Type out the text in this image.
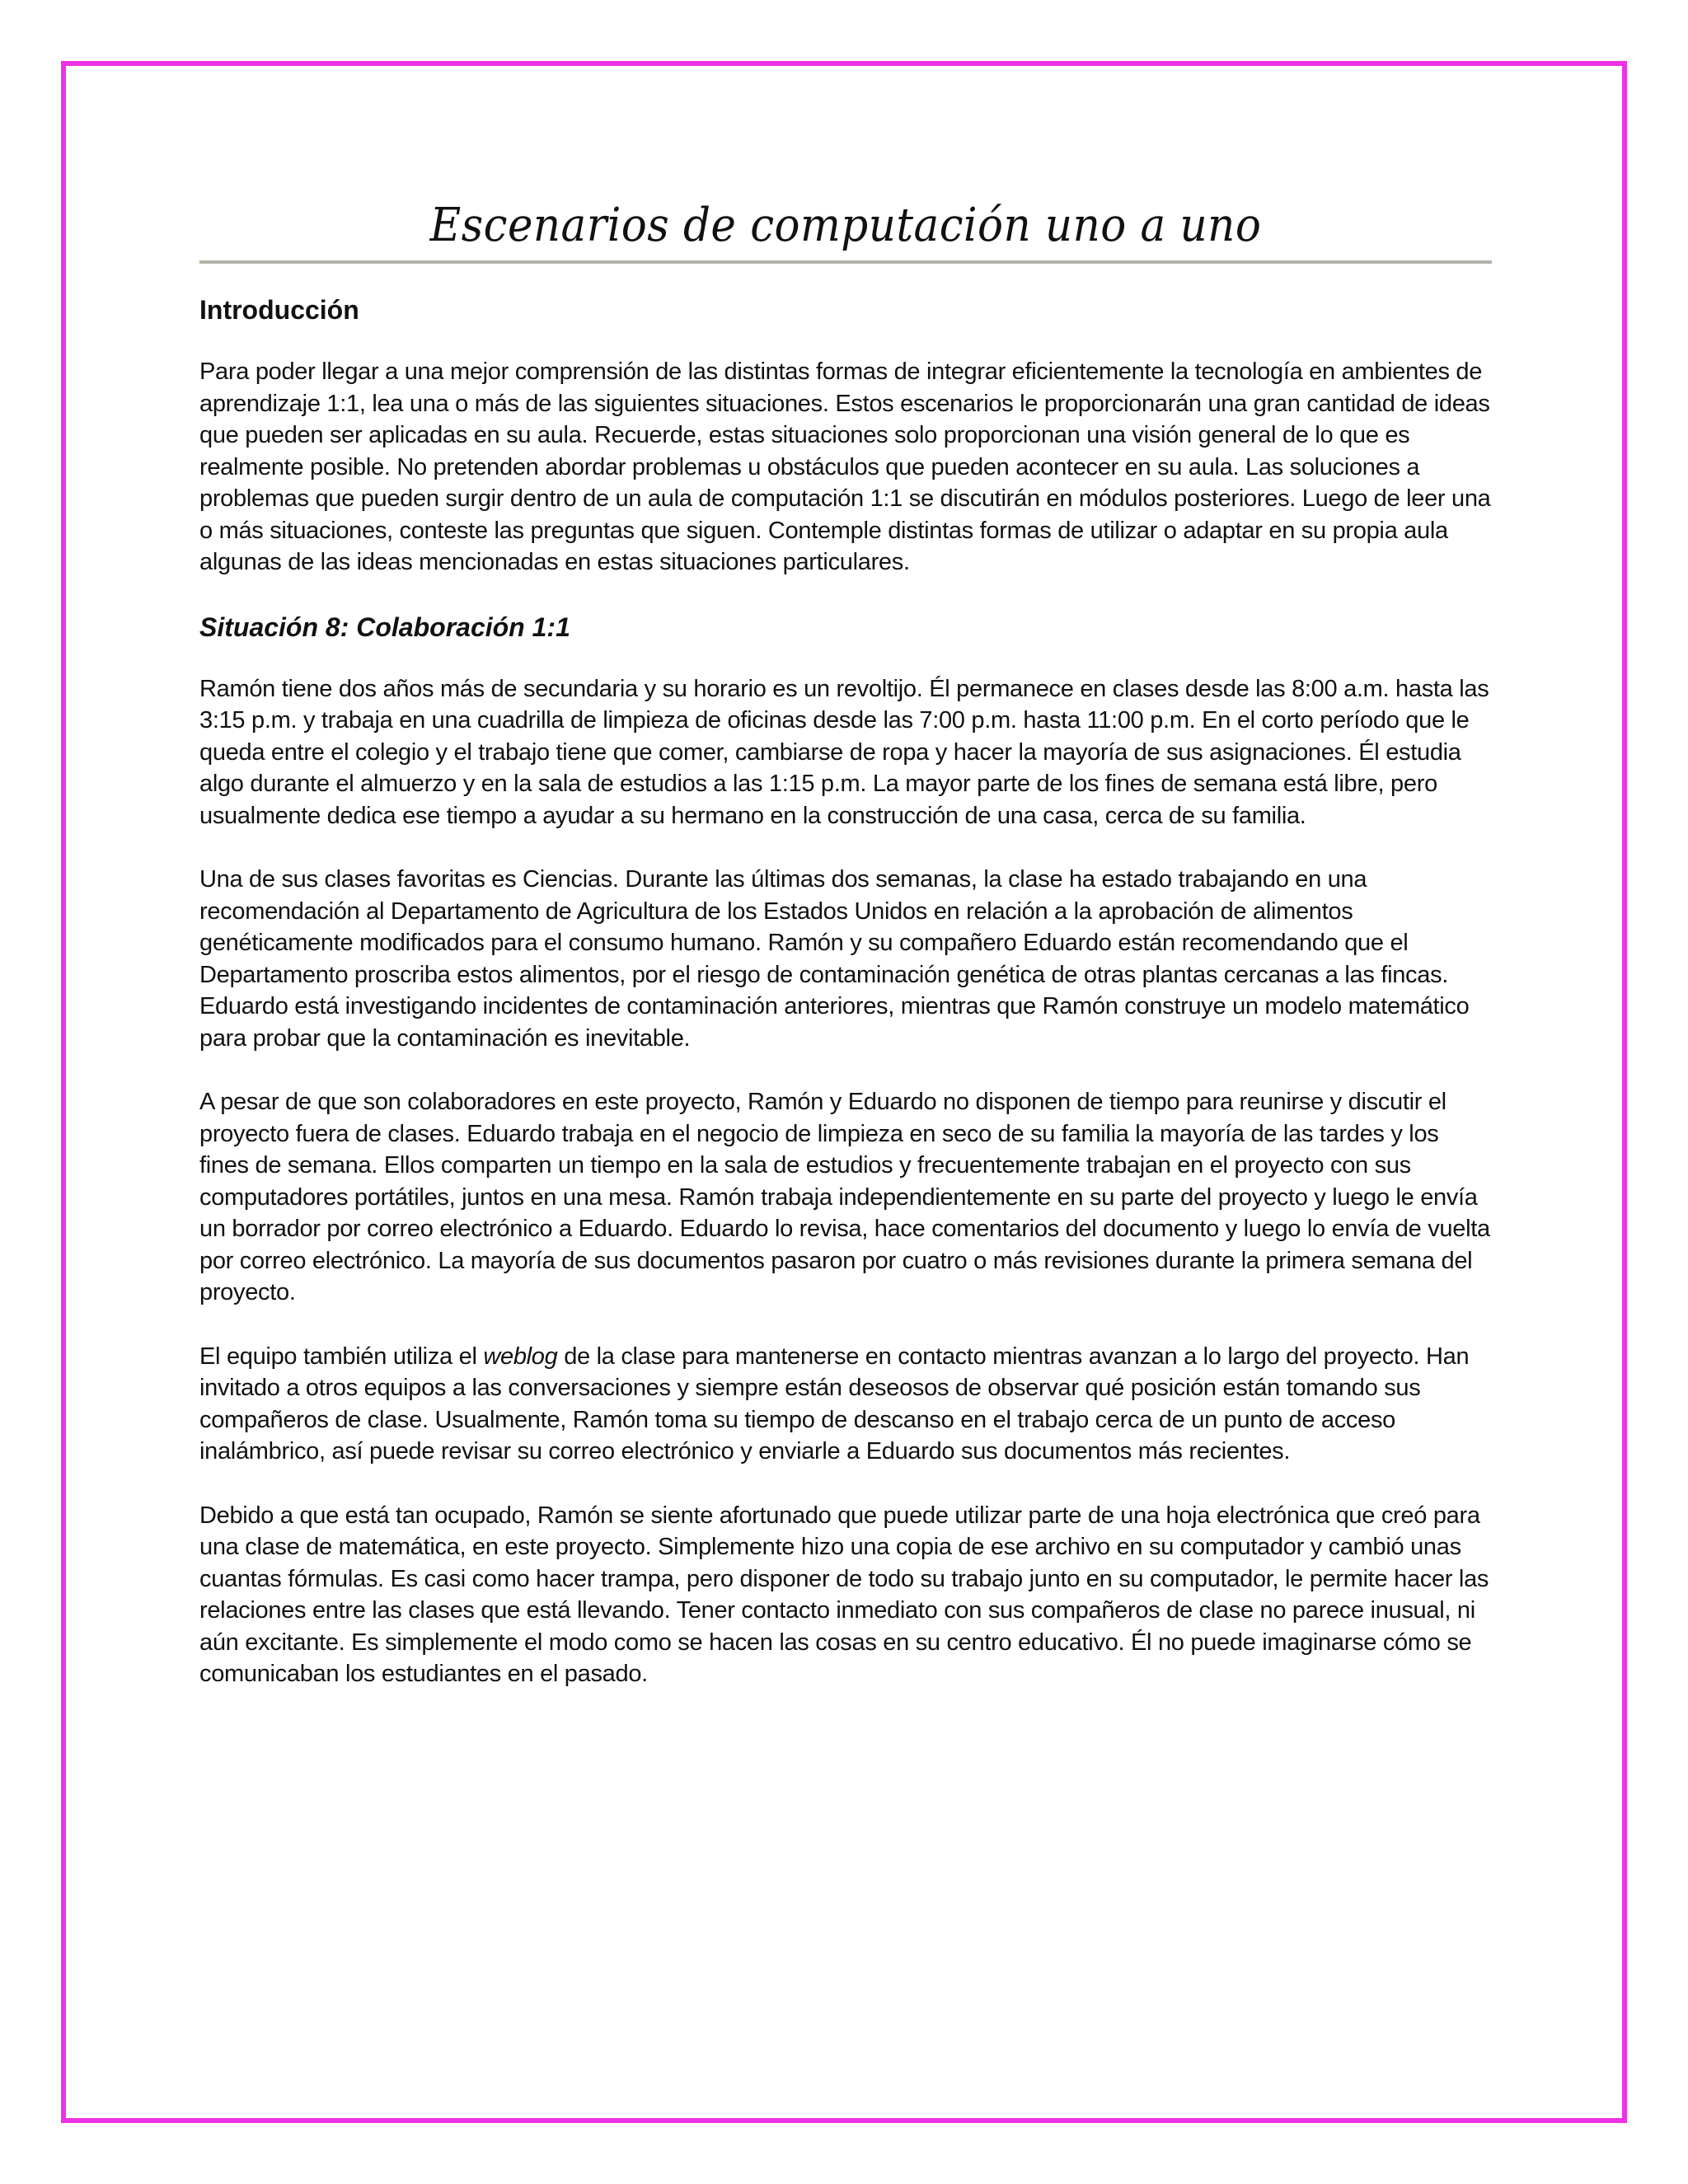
Escenarios de computación uno a uno
Introducción

Para poder llegar a una mejor comprensión de las distintas formas de integrar eficientemente la tecnología en ambientes de aprendizaje 1:1, lea una o más de las siguientes situaciones. Estos escenarios le proporcionarán una gran cantidad de ideas que pueden ser aplicadas en su aula. Recuerde, estas situaciones solo proporcionan una visión general de lo que es realmente posible. No pretenden abordar problemas u obstáculos que pueden acontecer en su aula. Las soluciones a problemas que pueden surgir dentro de un aula de computación 1:1 se discutirán en módulos posteriores. Luego de leer una o más situaciones, conteste las preguntas que siguen. Contemple distintas formas de utilizar o adaptar en su propia aula algunas de las ideas mencionadas en estas situaciones particulares.

Situación 8: Colaboración 1:1

Ramón tiene dos años más de secundaria y su horario es un revoltijo. Él permanece en clases desde las 8:00 a.m. hasta las 3:15 p.m. y trabaja en una cuadrilla de limpieza de oficinas desde las 7:00 p.m. hasta 11:00 p.m. En el corto período que le queda entre el colegio y el trabajo tiene que comer, cambiarse de ropa y hacer la mayoría de sus asignaciones. Él estudia algo durante el almuerzo y en la sala de estudios a las 1:15 p.m. La mayor parte de los fines de semana está libre, pero usualmente dedica ese tiempo a ayudar a su hermano en la construcción de una casa, cerca de su familia.

Una de sus clases favoritas es Ciencias. Durante las últimas dos semanas, la clase ha estado trabajando en una recomendación al Departamento de Agricultura de los Estados Unidos en relación a la aprobación de alimentos genéticamente modificados para el consumo humano. Ramón y su compañero Eduardo están recomendando que el Departamento proscriba estos alimentos, por el riesgo de contaminación genética de otras plantas cercanas a las fincas. Eduardo está investigando incidentes de contaminación anteriores, mientras que Ramón construye un modelo matemático para probar que la contaminación es inevitable.

A pesar de que son colaboradores en este proyecto, Ramón y Eduardo no disponen de tiempo para reunirse y discutir el proyecto fuera de clases. Eduardo trabaja en el negocio de limpieza en seco de su familia la mayoría de las tardes y los fines de semana. Ellos comparten un tiempo en la sala de estudios y frecuentemente trabajan en el proyecto con sus computadores portátiles, juntos en una mesa. Ramón trabaja independientemente en su parte del proyecto y luego le envía un borrador por correo electrónico a Eduardo. Eduardo lo revisa, hace comentarios del documento y luego lo envía de vuelta por correo electrónico. La mayoría de sus documentos pasaron por cuatro o más revisiones durante la primera semana del proyecto.

El equipo también utiliza el weblog de la clase para mantenerse en contacto mientras avanzan a lo largo del proyecto. Han invitado a otros equipos a las conversaciones y siempre están deseosos de observar qué posición están tomando sus compañeros de clase. Usualmente, Ramón toma su tiempo de descanso en el trabajo cerca de un punto de acceso inalámbrico, así puede revisar su correo electrónico y enviarle a Eduardo sus documentos más recientes.

Debido a que está tan ocupado, Ramón se siente afortunado que puede utilizar parte de una hoja electrónica que creó para una clase de matemática, en este proyecto. Simplemente hizo una copia de ese archivo en su computador y cambió unas cuantas fórmulas. Es casi como hacer trampa, pero disponer de todo su trabajo junto en su computador, le permite hacer las relaciones entre las clases que está llevando. Tener contacto inmediato con sus compañeros de clase no parece inusual, ni aún excitante. Es simplemente el modo como se hacen las cosas en su centro educativo. Él no puede imaginarse cómo se comunicaban los estudiantes en el pasado.
